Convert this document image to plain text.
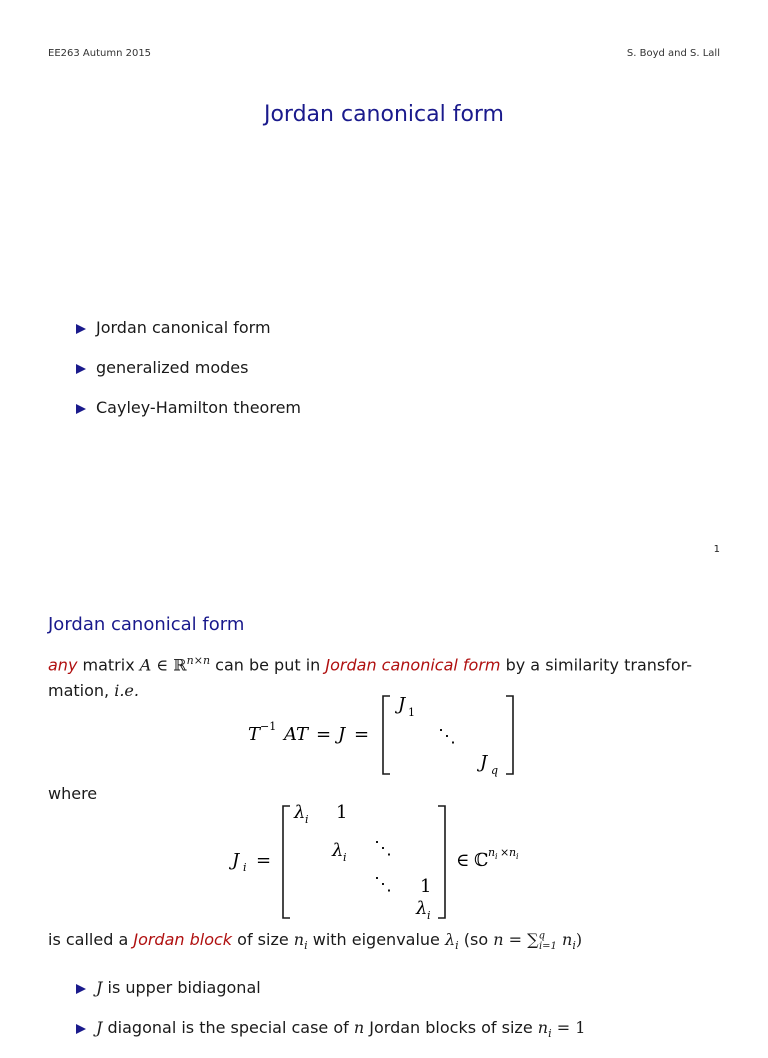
EE263 Autumn 2015	S. Boyd and S. Lall
Jordan canonical form
Jordan canonical form
generalized modes
Cayley-Hamilton theorem
1
Jordan canonical form
any matrix A ∈ ℝ$^{n\times n}$ can be put in Jordan canonical form by a similarity transfor-
mation, i.e.
T −1 AT = J =
J 1
⋱
J q
where
J i =
λ i 1
λ i ⋱
⋱ 1
λ i
∈ ℂ n i × n i
is called a Jordan block of size $n_i$ with eigenvalue $\lambda_i$ (so n = ∑$^q_{i=1}$ $n_i$)
J is upper bidiagonal
J diagonal is the special case of n Jordan blocks of size $n_i = 1$
